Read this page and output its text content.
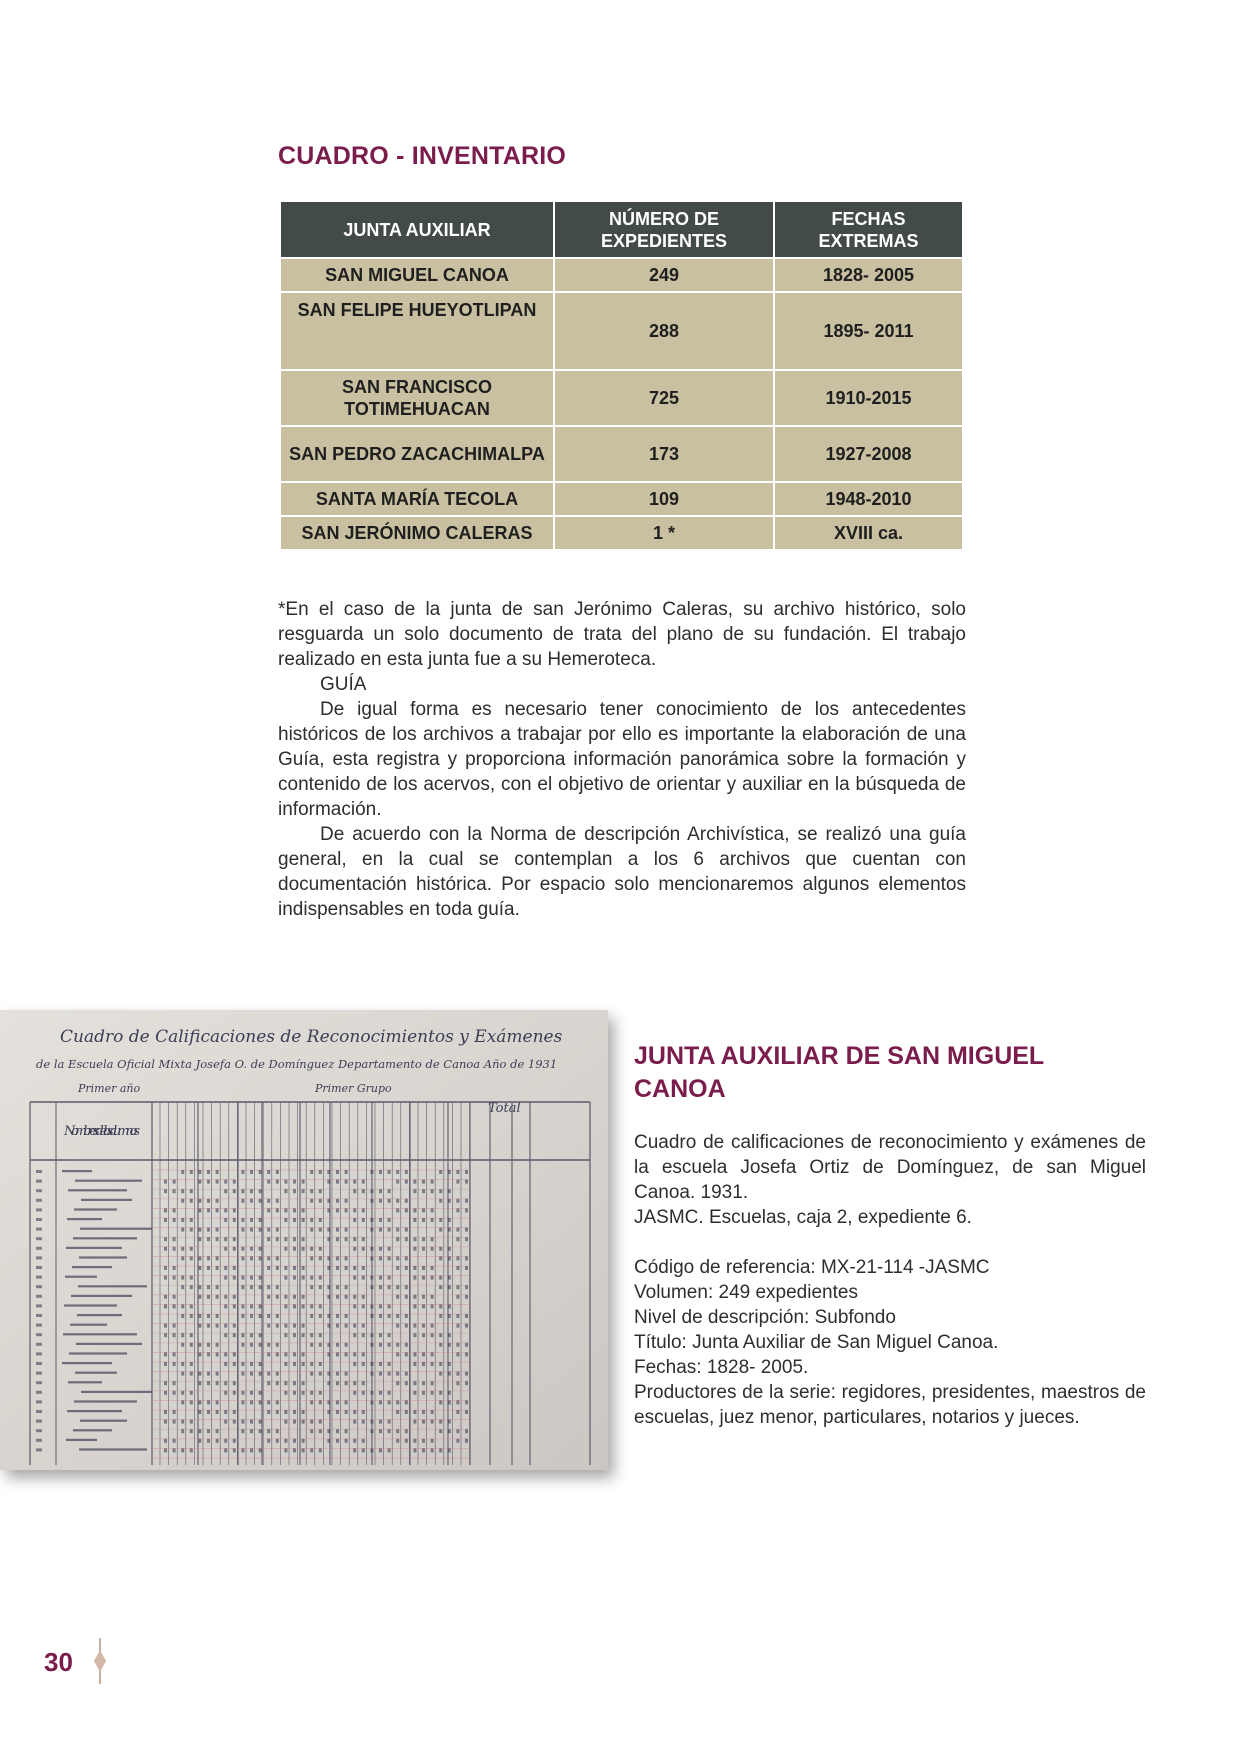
CUADRO - INVENTARIO
JUNTA AUXILIAR	NÚMERO DE EXPEDIENTES	FECHAS EXTREMAS
SAN MIGUEL CANOA	249	1828- 2005
SAN FELIPE HUEYOTLIPAN	288	1895- 2011
SAN FRANCISCO TOTIMEHUACAN	725	1910-2015
SAN PEDRO ZACACHIMALPA	173	1927-2008
SANTA MARÍA TECOLA	109	1948-2010
SAN JERÓNIMO CALERAS	1 *	XVIII ca.

*En el caso de la junta de san Jerónimo Caleras, su archivo histórico, solo resguarda un solo documento de trata del plano de su fundación. El trabajo realizado en esta junta fue a su Hemeroteca.

GUÍA

De igual forma es necesario tener conocimiento de los antecedentes históricos de los archivos a trabajar por ello es importante la elaboración de una Guía, esta registra y proporciona información panorámica sobre la formación y contenido de los acervos, con el objetivo de orientar y auxiliar en la búsqueda de información.

De acuerdo con la Norma de descripción Archivística, se realizó una guía general, en la cual se contemplan a los 6 archivos que cuentan con documentación histórica. Por espacio solo mencionaremos algunos elementos indispensables en toda guía.

Cuadro de Calificaciones de Reconocimientos y Exámenes
de la Escuela Oficial Mixta Josefa O. de Domínguez Departamento de Canoa Año de 1931
Primer año	Primer Grupo
Nombres de los alumnos
Total
JUNTA AUXILIAR DE SAN MIGUEL CANOA

Cuadro de calificaciones de reconocimiento y exámenes de la escuela Josefa Ortiz de Domínguez, de san Miguel Canoa. 1931.

JASMC. Escuelas, caja 2, expediente 6.

Código de referencia: MX-21-114 -JASMC

Volumen: 249 expedientes

Nivel de descripción: Subfondo

Título: Junta Auxiliar de San Miguel Canoa.

Fechas: 1828- 2005.

Productores de la serie: regidores, presidentes, maestros de escuelas, juez menor, particulares, notarios y jueces.

30
